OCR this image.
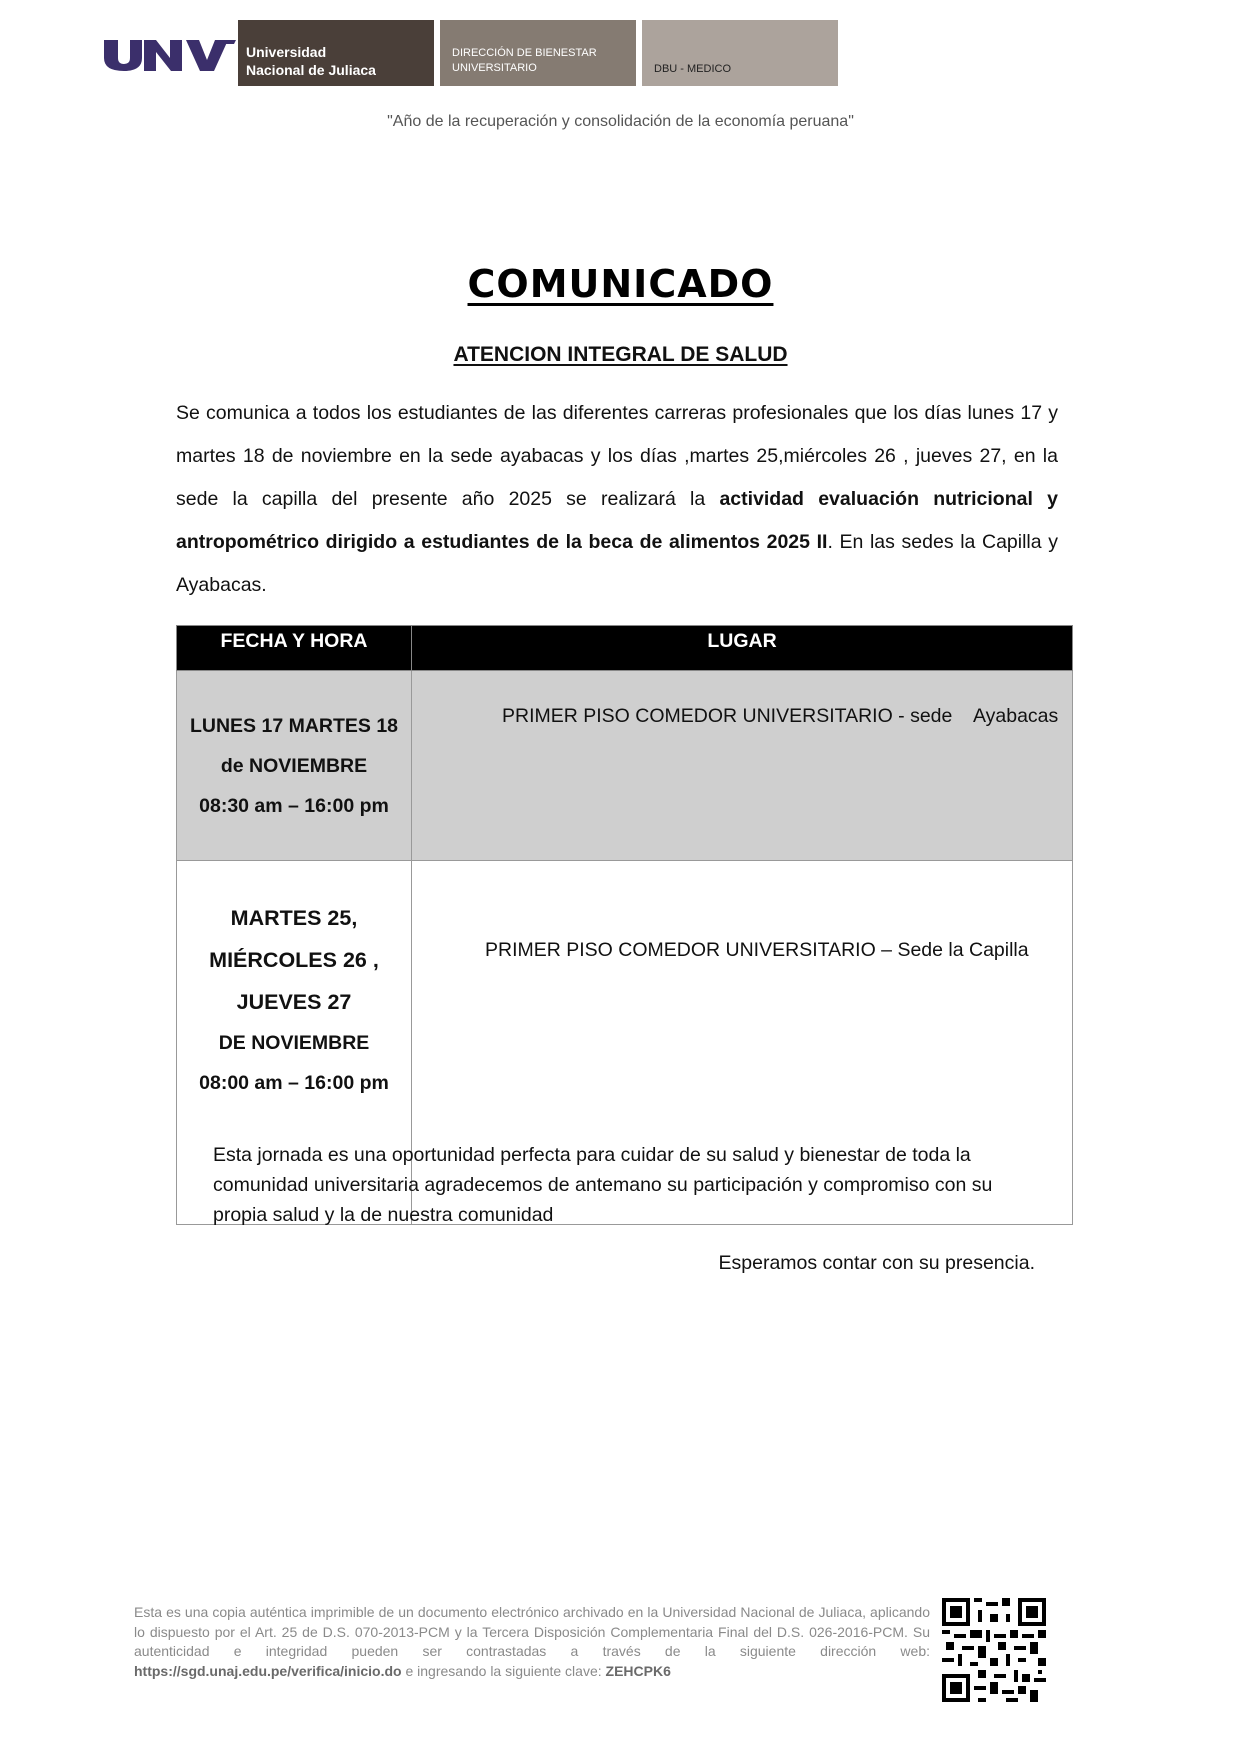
Universidad
Nacional de Juliaca
DIRECCIÓN DE BIENESTAR
UNIVERSITARIO	DBU - MEDICO
"Año de la recuperación y consolidación de la economía peruana"
COMUNICADO
ATENCION INTEGRAL DE SALUD
Se comunica a todos los estudiantes de las diferentes carreras profesionales que los días lunes 17 y martes 18 de noviembre en la sede ayabacas y los días ,martes 25,miércoles 26 , jueves 27, en la sede la capilla del presente año 2025 se realizará la actividad evaluación nutricional y antropométrico dirigido a estudiantes de la beca de alimentos 2025 II. En las sedes la Capilla y Ayabacas.
FECHA Y HORA	LUGAR

LUNES 17 MARTES 18
de NOVIEMBRE
08:30 am – 16:00 pm	PRIMER PISO COMEDOR UNIVERSITARIO - sede    Ayabacas

MARTES 25,
MIÉRCOLES 26 ,
JUEVES 27
DE NOVIEMBRE
08:00 am – 16:00 pm	PRIMER PISO COMEDOR UNIVERSITARIO – Sede la Capilla
Esta jornada es una oportunidad perfecta para cuidar de su salud y bienestar de toda la comunidad universitaria agradecemos de antemano su participación y compromiso con su propia salud y la de nuestra comunidad
Esperamos contar con su presencia.
Esta es una copia auténtica imprimible de un documento electrónico archivado en la Universidad Nacional de Juliaca, aplicando lo dispuesto por el Art. 25 de D.S. 070-2013-PCM y la Tercera Disposición Complementaria Final del D.S. 026-2016-PCM. Su autenticidad e integridad pueden ser contrastadas a través de la siguiente dirección web: https://sgd.unaj.edu.pe/verifica/inicio.do e ingresando la siguiente clave: ZEHCPK6
